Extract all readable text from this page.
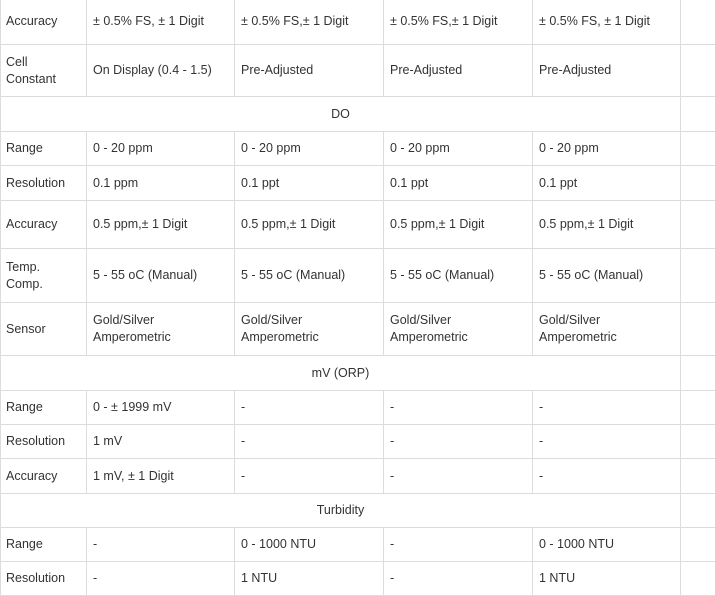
Accuracy	± 0.5% FS, ± 1 Digit	± 0.5% FS,± 1 Digit	± 0.5% FS,± 1 Digit	± 0.5% FS, ± 1 Digit	
Cell Constant	On Display (0.4 - 1.5)	Pre-Adjusted	Pre-Adjusted	Pre-Adjusted	
DO					
Range	0 - 20 ppm	0 - 20 ppm	0 - 20 ppm	0 - 20 ppm	
Resolution	0.1 ppm	0.1 ppt	0.1 ppt	0.1 ppt	
Accuracy	0.5 ppm,± 1 Digit	0.5 ppm,± 1 Digit	0.5 ppm,± 1 Digit	0.5 ppm,± 1 Digit	
Temp. Comp.	5 - 55 oC (Manual)	5 - 55 oC (Manual)	5 - 55 oC (Manual)	5 - 55 oC (Manual)	
Sensor	Gold/Silver Amperometric	Gold/Silver Amperometric	Gold/Silver Amperometric	Gold/Silver Amperometric	
mV (ORP)					
Range	0 - ± 1999 mV	-	-	-	
Resolution	1 mV	-	-	-	
Accuracy	1 mV, ± 1 Digit	-	-	-	
Turbidity					
Range	-	0 - 1000 NTU	-	0 - 1000 NTU	
Resolution	-	1 NTU	-	1 NTU	
